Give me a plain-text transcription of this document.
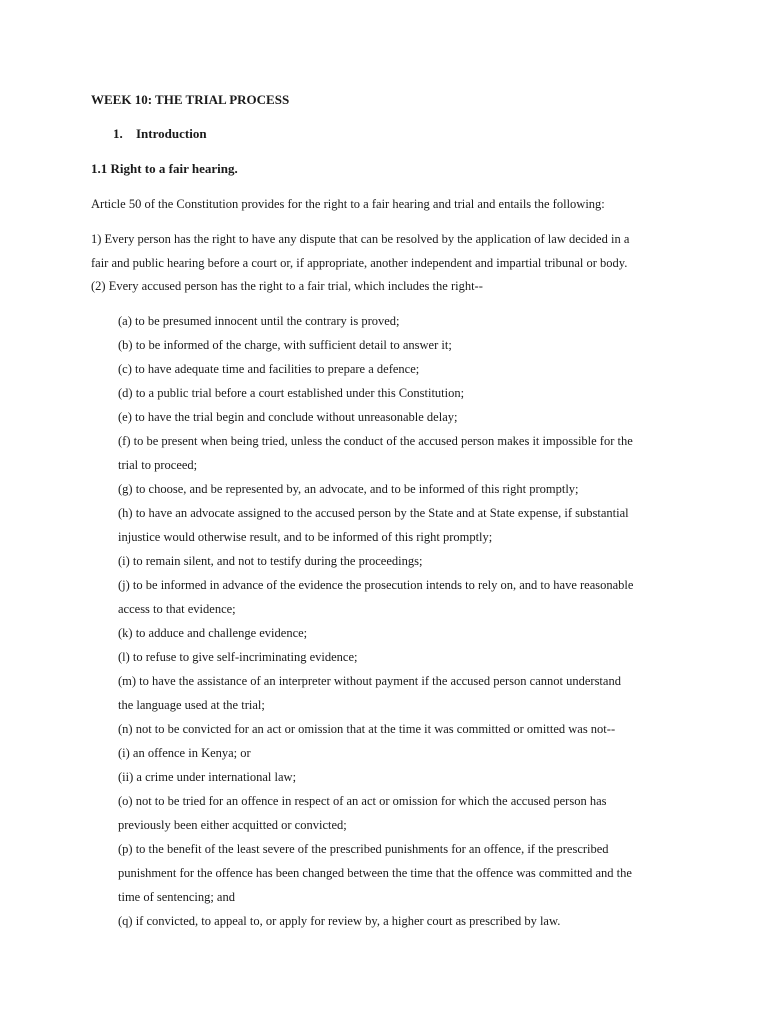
WEEK 10: THE TRIAL PROCESS
1. Introduction
1.1 Right to a fair hearing.
Article 50 of the Constitution provides for the right to a fair hearing and trial and entails the following:
1) Every person has the right to have any dispute that can be resolved by the application of law decided in a
fair and public hearing before a court or, if appropriate, another independent and impartial tribunal or body.
(2) Every accused person has the right to a fair trial, which includes the right--
(a) to be presumed innocent until the contrary is proved;
(b) to be informed of the charge, with sufficient detail to answer it;
(c) to have adequate time and facilities to prepare a defence;
(d) to a public trial before a court established under this Constitution;
(e) to have the trial begin and conclude without unreasonable delay;
(f) to be present when being tried, unless the conduct of the accused person makes it impossible for the
trial to proceed;
(g) to choose, and be represented by, an advocate, and to be informed of this right promptly;
(h) to have an advocate assigned to the accused person by the State and at State expense, if substantial
injustice would otherwise result, and to be informed of this right promptly;
(i) to remain silent, and not to testify during the proceedings;
(j) to be informed in advance of the evidence the prosecution intends to rely on, and to have reasonable
access to that evidence;
(k) to adduce and challenge evidence;
(l) to refuse to give self-incriminating evidence;
(m) to have the assistance of an interpreter without payment if the accused person cannot understand
the language used at the trial;
(n) not to be convicted for an act or omission that at the time it was committed or omitted was not--
(i) an offence in Kenya; or
(ii) a crime under international law;
(o) not to be tried for an offence in respect of an act or omission for which the accused person has
previously been either acquitted or convicted;
(p) to the benefit of the least severe of the prescribed punishments for an offence, if the prescribed
punishment for the offence has been changed between the time that the offence was committed and the
time of sentencing; and
(q) if convicted, to appeal to, or apply for review by, a higher court as prescribed by law.
